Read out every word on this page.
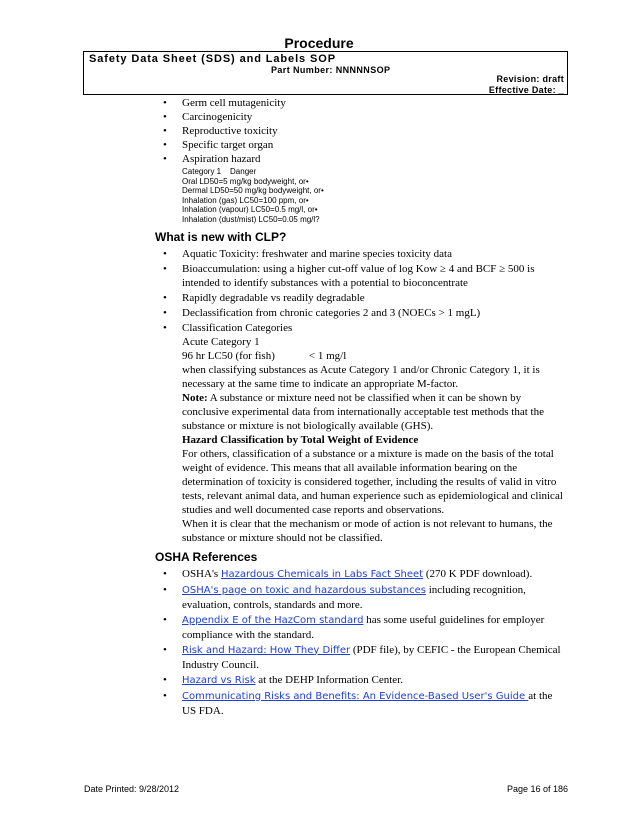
Procedure
Safety Data Sheet (SDS) and Labels SOP
Part Number: NNNNNSOP
Revision: draft
Effective Date: _
• Germ cell mutagenicity
• Carcinogenicity
• Reproductive toxicity
• Specific target organ
• Aspiration hazard
Category 1 Danger
Oral LD50=5 mg/kg bodyweight, or•
Dermal LD50=50 mg/kg bodyweight, or•
Inhalation (gas) LC50=100 ppm, or•
Inhalation (vapour) LC50=0.5 mg/l, or•
Inhalation (dust/mist) LC50=0.05 mg/l?
What is new with CLP?
• Aquatic Toxicity: freshwater and marine species toxicity data
• Bioaccumulation: using a higher cut-off value of log Kow ≥ 4 and BCF ≥ 500 is intended to identify substances with a potential to bioconcentrate
• Rapidly degradable vs readily degradable
• Declassification from chronic categories 2 and 3 (NOECs > 1 mgL)
• Classification Categories
Acute Category 1
96 hr LC50 (for fish)	< 1 mg/l
when classifying substances as Acute Category 1 and/or Chronic Category 1, it is necessary at the same time to indicate an appropriate M-factor.
Note: A substance or mixture need not be classified when it can be shown by conclusive experimental data from internationally acceptable test methods that the substance or mixture is not biologically available (GHS).
Hazard Classification by Total Weight of Evidence
For others, classification of a substance or a mixture is made on the basis of the total weight of evidence. This means that all available information bearing on the determination of toxicity is considered together, including the results of valid in vitro tests, relevant animal data, and human experience such as epidemiological and clinical studies and well documented case reports and observations.
When it is clear that the mechanism or mode of action is not relevant to humans, the substance or mixture should not be classified.
OSHA References
• OSHA's Hazardous Chemicals in Labs Fact Sheet (270 K PDF download).
• OSHA's page on toxic and hazardous substances including recognition, evaluation, controls, standards and more.
• Appendix E of the HazCom standard has some useful guidelines for employer compliance with the standard.
• Risk and Hazard: How They Differ (PDF file), by CEFIC - the European Chemical Industry Council.
• Hazard vs Risk at the DEHP Information Center.
• Communicating Risks and Benefits: An Evidence-Based User's Guide at the US FDA.
Date Printed: 9/28/2012	Page 16 of 186
